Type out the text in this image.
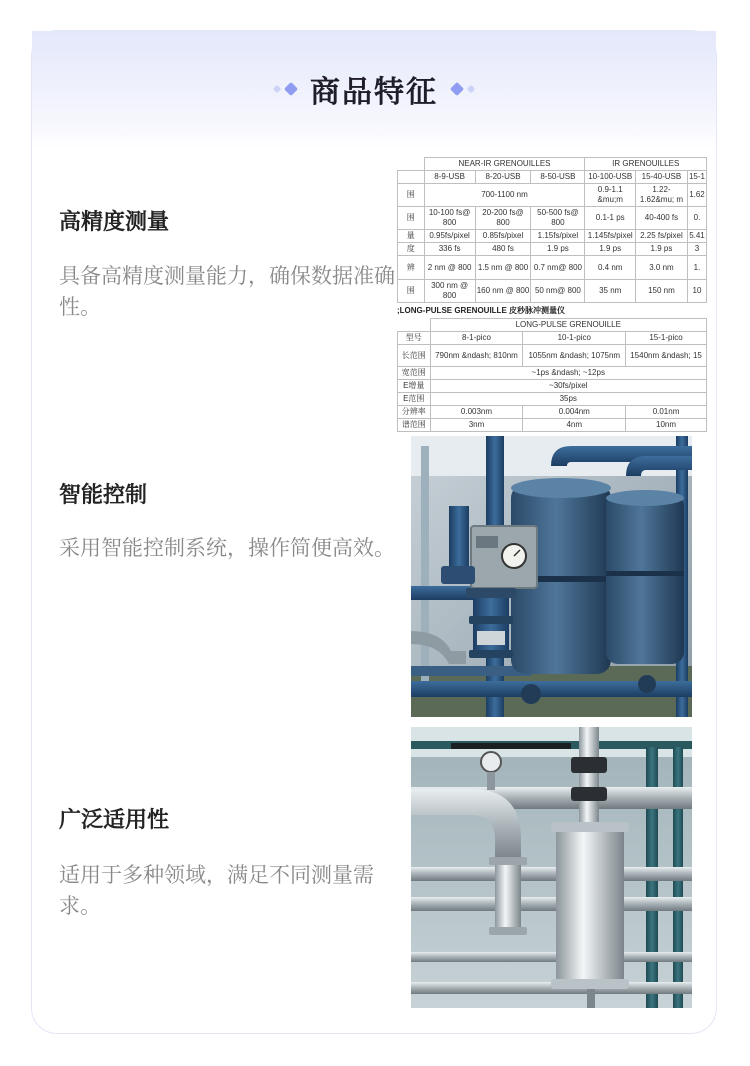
商品特征
高精度测量

具备高精度测量能力，确保数据准确性。

智能控制

采用智能控制系统，操作简便高效。

广泛适用性

适用于多种领域，满足不同测量需求。

	NEAR-IR GRENOUILLES			IR GRENOUILLES		
	8-9-USB	8-20-USB	8-50-USB	10-100-USB	15-40-USB	15-1
围	700-1100 nm			0.9-1.1 &mu;m	1.22-1.62&mu; m	1.62
围	10-100 fs@ 800	20-200 fs@ 800	50-500 fs@ 800	0.1-1 ps	40-400 fs	0.
量	0.95fs/pixel	0.85fs/pixel	1.15fs/pixel	1.145fs/pixel	2.25 fs/pixel	5.41
度	336 fs	480 fs	1.9 ps	1.9 ps	1.9 ps	3
辨	2 nm @ 800	1.5 nm @ 800	0.7 nm@ 800	0.4 nm	3.0 nm	1.
围	300 nm @ 800	160 nm @ 800	50 nm@ 800	35 nm	150 nm	10
;LONG-PULSE GRENOUILLE 皮秒脉冲测量仪
	LONG-PULSE GRENOUILLE		
型号	8-1-pico	10-1-pico	15-1-pico
长范围	790nm &ndash; 810nm	1055nm &ndash; 1075nm	1540nm &ndash; 15
宽范围	~1ps &ndash; ~12ps		
E增量	~30fs/pixel		
E范围	35ps		
分辨率	0.003nm	0.004nm	0.01nm
谱范围	3nm	4nm	10nm
